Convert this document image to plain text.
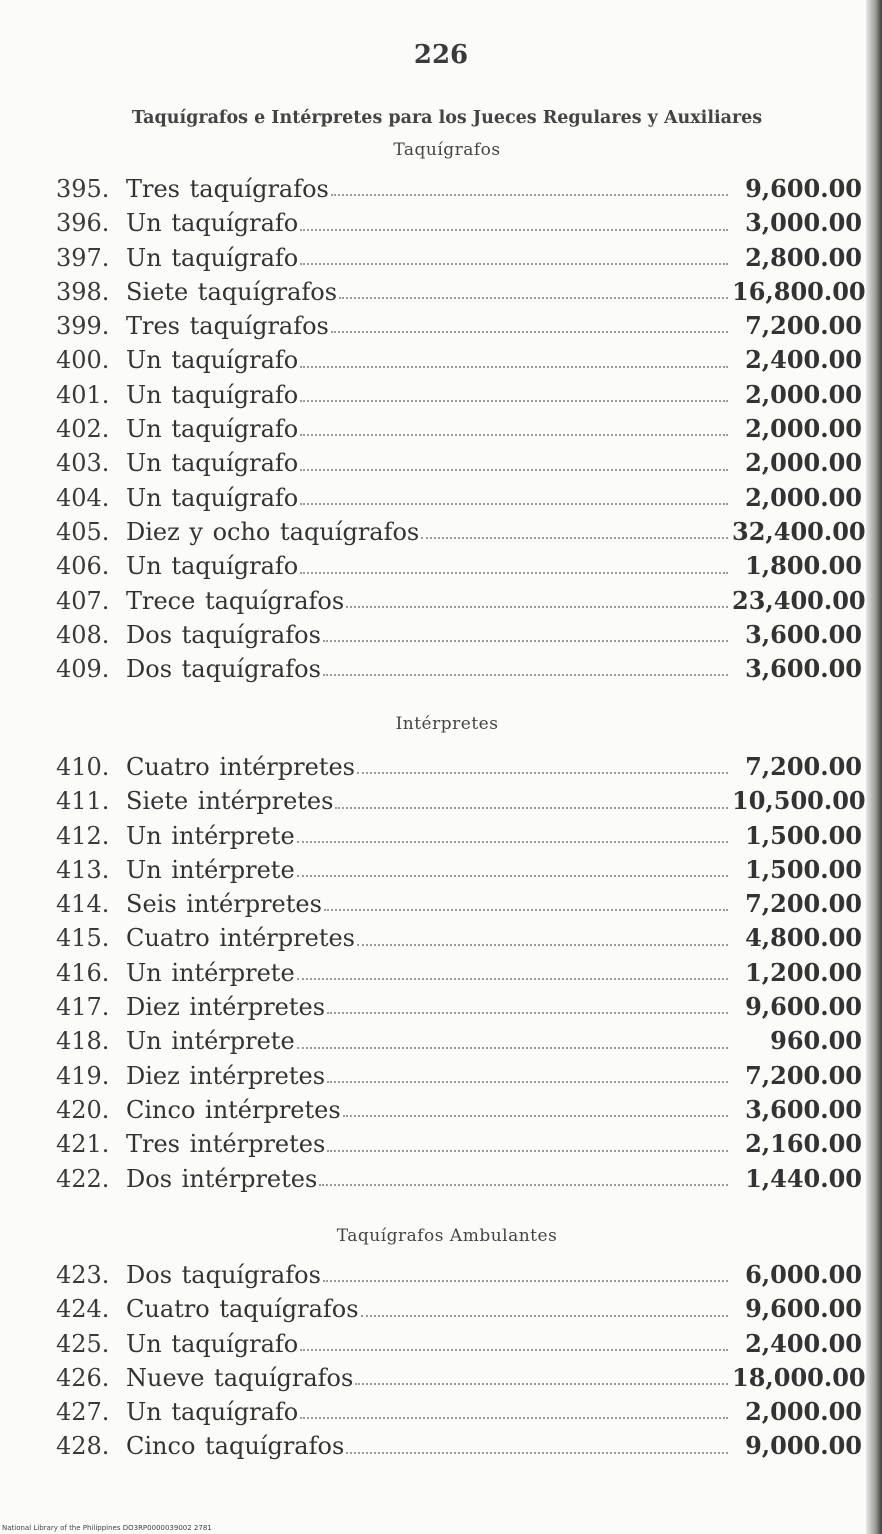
226
Taquígrafos e Intérpretes para los Jueces Regulares y Auxiliares
Taquígrafos
395. Tres taquígrafos	9,600.00
396. Un taquígrafo	3,000.00
397. Un taquígrafo	2,800.00
398. Siete taquígrafos	16,800.00
399. Tres taquígrafos	7,200.00
400. Un taquígrafo	2,400.00
401. Un taquígrafo	2,000.00
402. Un taquígrafo	2,000.00
403. Un taquígrafo	2,000.00
404. Un taquígrafo	2,000.00
405. Diez y ocho taquígrafos	32,400.00
406. Un taquígrafo	1,800.00
407. Trece taquígrafos	23,400.00
408. Dos taquígrafos	3,600.00
409. Dos taquígrafos	3,600.00
Intérpretes
410. Cuatro intérpretes	7,200.00
411. Siete intérpretes	10,500.00
412. Un intérprete	1,500.00
413. Un intérprete	1,500.00
414. Seis intérpretes	7,200.00
415. Cuatro intérpretes	4,800.00
416. Un intérprete	1,200.00
417. Diez intérpretes	9,600.00
418. Un intérprete	960.00
419. Diez intérpretes	7,200.00
420. Cinco intérpretes	3,600.00
421. Tres intérpretes	2,160.00
422. Dos intérpretes	1,440.00
Taquígrafos Ambulantes
423. Dos taquígrafos	6,000.00
424. Cuatro taquígrafos	9,600.00
425. Un taquígrafo	2,400.00
426. Nueve taquígrafos	18,000.00
427. Un taquígrafo	2,000.00
428. Cinco taquígrafos	9,000.00
National Library of the Philippines DO3RP0000039002 2781
